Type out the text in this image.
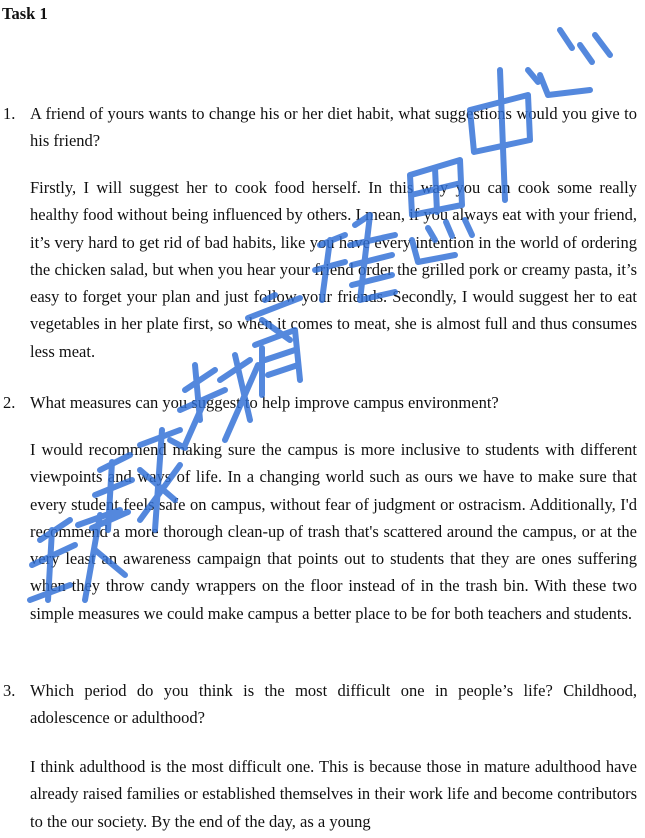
Task 1
1. A friend of yours wants to change his or her diet habit, what suggestions would you give to his friend?

Firstly, I will suggest her to cook food herself. In this way you can cook some really healthy food without being influenced by others. I mean, if you always eat with your friend, it’s very hard to get rid of bad habits, like you have every intention in the world of ordering the chicken salad, but when you hear your friend order the grilled pork or creamy pasta, it’s easy to forget your plan and just follow your friends. Secondly, I would suggest her to eat vegetables in her plate first, so when it comes to meat, she is almost full and thus consumes less meat.

2. What measures can you suggest to help improve campus environment?

I would recommend making sure the campus is more inclusive to students with different viewpoints and ways of life. In a changing world such as ours we have to make sure that every student feels safe on campus, without fear of judgment or ostracism. Additionally, I'd recommend a more thorough clean-up of trash that's scattered around the campus, or at the very least an awareness campaign that points out to students that they are ones suffering when they throw candy wrappers on the floor instead of in the trash bin. With these two simple measures we could make campus a better place to be for both teachers and students.

3. Which period do you think is the most difficult one in people’s life? Childhood, adolescence or adulthood?

I think adulthood is the most difficult one. This is because those in mature adulthood have already raised families or established themselves in their work life and become contributors to the our society. By the end of the day, as a young
